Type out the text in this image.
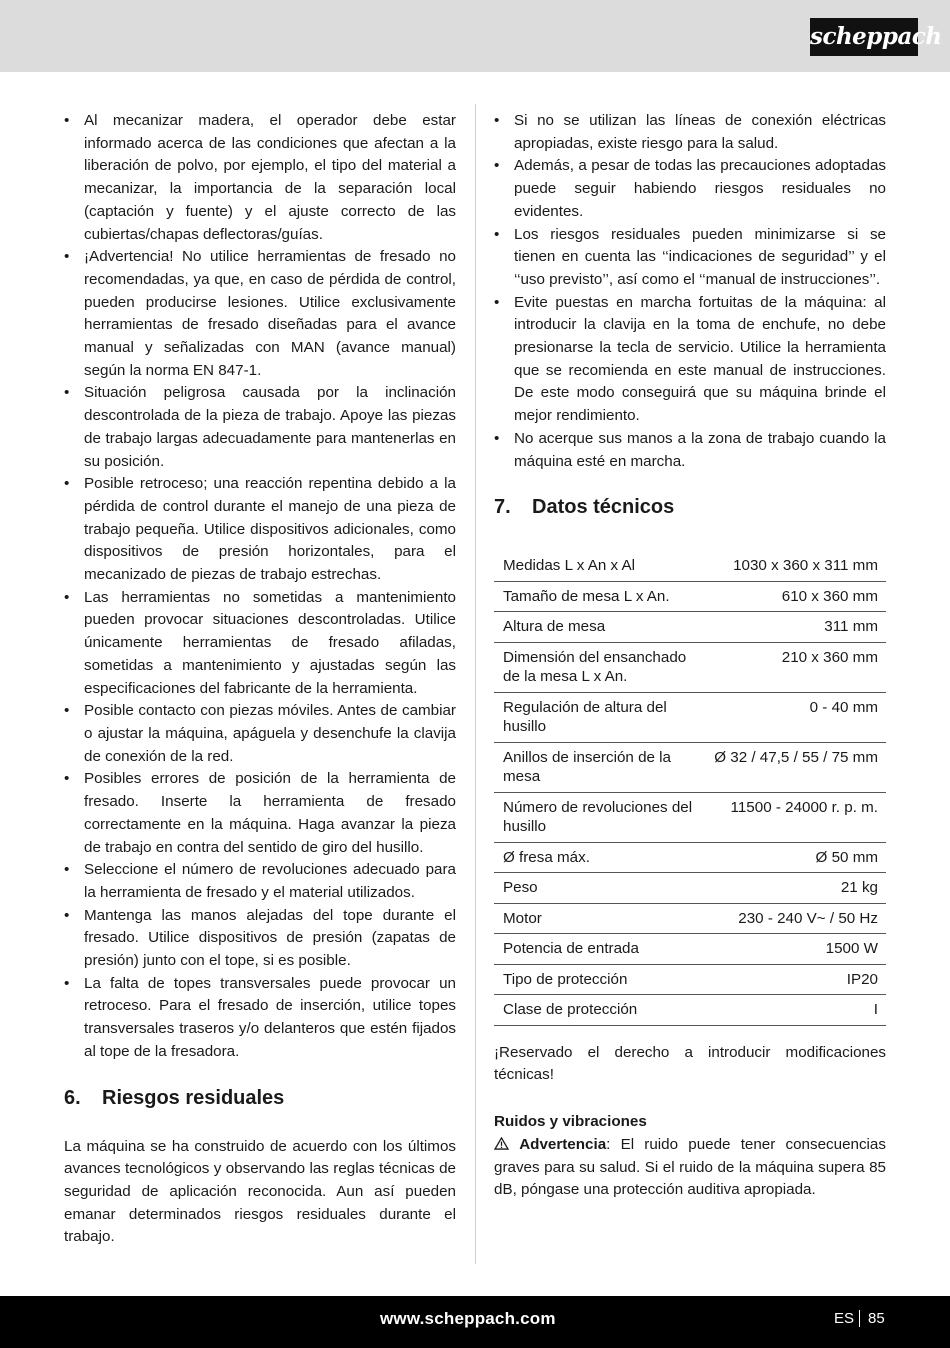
scheppach
• Al mecanizar madera, el operador debe estar informado acerca de las condiciones que afectan a la liberación de polvo, por ejemplo, el tipo del material a mecanizar, la importancia de la separación local (captación y fuente) y el ajuste correcto de las cubiertas/chapas deflectoras/guías.
• ¡Advertencia! No utilice herramientas de fresado no recomendadas, ya que, en caso de pérdida de control, pueden producirse lesiones. Utilice exclusivamente herramientas de fresado diseñadas para el avance manual y señalizadas con MAN (avance manual) según la norma EN 847-1.
• Situación peligrosa causada por la inclinación descontrolada de la pieza de trabajo. Apoye las piezas de trabajo largas adecuadamente para mantenerlas en su posición.
• Posible retroceso; una reacción repentina debido a la pérdida de control durante el manejo de una pieza de trabajo pequeña. Utilice dispositivos adicionales, como dispositivos de presión horizontales, para el mecanizado de piezas de trabajo estrechas.
• Las herramientas no sometidas a mantenimiento pueden provocar situaciones descontroladas. Utilice únicamente herramientas de fresado afiladas, sometidas a mantenimiento y ajustadas según las especificaciones del fabricante de la herramienta.
• Posible contacto con piezas móviles. Antes de cambiar o ajustar la máquina, apáguela y desenchufe la clavija de conexión de la red.
• Posibles errores de posición de la herramienta de fresado. Inserte la herramienta de fresado correctamente en la máquina. Haga avanzar la pieza de trabajo en contra del sentido de giro del husillo.
• Seleccione el número de revoluciones adecuado para la herramienta de fresado y el material utilizados.
• Mantenga las manos alejadas del tope durante el fresado. Utilice dispositivos de presión (zapatas de presión) junto con el tope, si es posible.
• La falta de topes transversales puede provocar un retroceso. Para el fresado de inserción, utilice topes transversales traseros y/o delanteros que estén fijados al tope de la fresadora.
6. Riesgos residuales

La máquina se ha construido de acuerdo con los últimos avances tecnológicos y observando las reglas técnicas de seguridad de aplicación reconocida. Aun así pueden emanar determinados riesgos residuales durante el trabajo.

• Si no se utilizan las líneas de conexión eléctricas apropiadas, existe riesgo para la salud.
• Además, a pesar de todas las precauciones adoptadas puede seguir habiendo riesgos residuales no evidentes.
• Los riesgos residuales pueden minimizarse si se tienen en cuenta las ‘‘indicaciones de seguridad’’ y el ‘‘uso previsto’’, así como el ‘‘manual de instrucciones’’.
• Evite puestas en marcha fortuitas de la máquina: al introducir la clavija en la toma de enchufe, no debe presionarse la tecla de servicio. Utilice la herramienta que se recomienda en este manual de instrucciones. De este modo conseguirá que su máquina brinde el mejor rendimiento.
• No acerque sus manos a la zona de trabajo cuando la máquina esté en marcha.
7. Datos técnicos
Medidas L x An x Al	1030 x 360 x 311 mm
Tamaño de mesa L x An.	610 x 360 mm
Altura de mesa	311 mm
Dimensión del ensanchado de la mesa L x An.	210 x 360 mm
Regulación de altura del husillo	0 - 40 mm
Anillos de inserción de la mesa	Ø 32 / 47,5 / 55 / 75 mm
Número de revoluciones del husillo	11500 - 24000 r. p. m.
Ø fresa máx.	Ø 50 mm
Peso	21 kg
Motor	230 - 240 V~ / 50 Hz
Potencia de entrada	1500 W
Tipo de protección	IP20
Clase de protección	I
¡Reservado el derecho a introducir modificaciones técnicas!
Ruidos y vibraciones
Advertencia: El ruido puede tener consecuencias graves para su salud. Si el ruido de la máquina supera 85 dB, póngase una protección auditiva apropiada.
www.scheppach.com	ES 85
